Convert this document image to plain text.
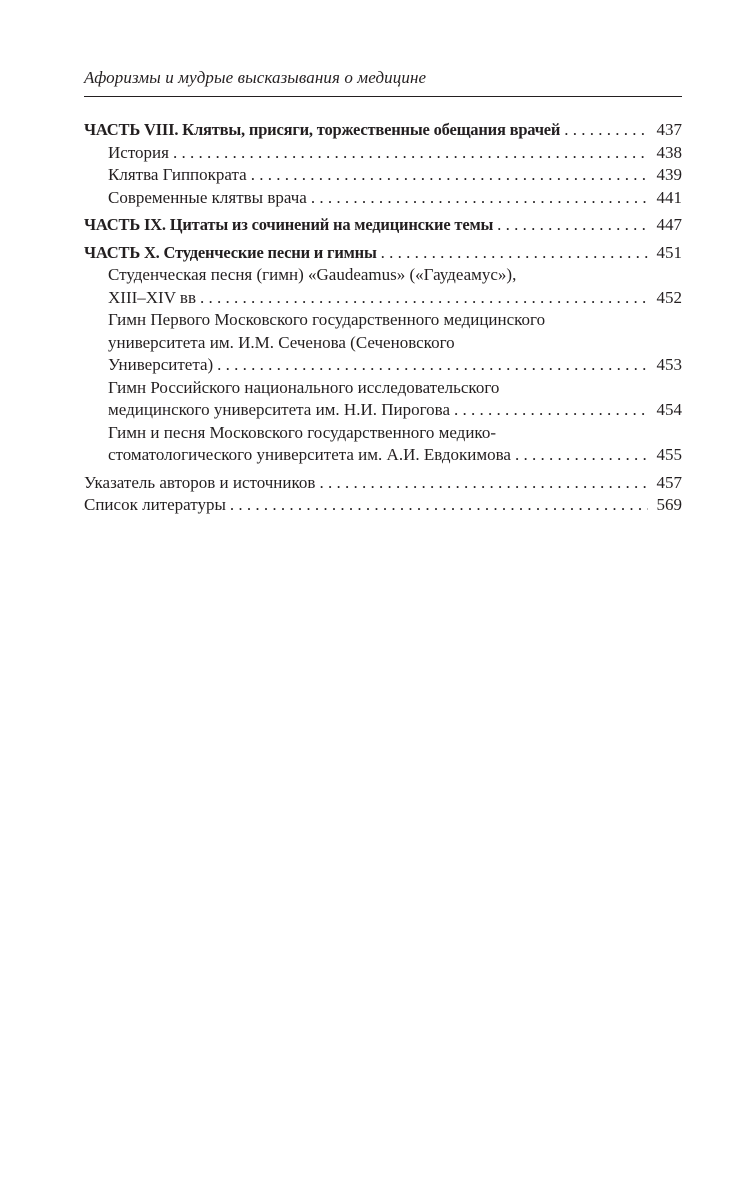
Афоризмы и мудрые высказывания о медицине
ЧАСТЬ VIII. Клятвы, присяги, торжественные обещания врачей . . .	437
История . . .	438
Клятва Гиппократа . . .	439
Современные клятвы врача . . .	441
ЧАСТЬ IX. Цитаты из сочинений на медицинские темы . . .	447
ЧАСТЬ X. Студенческие песни и гимны . . .	451
Студенческая песня (гимн) «Gaudeamus» («Гаудеамус»),
XIII–XIV вв . . .	452
Гимн Первого Московского государственного медицинского
университета им. И.М. Сеченова (Сеченовского
Университета) . . .	453
Гимн Российского национального исследовательского
медицинского университета им. Н.И. Пирогова . . .	454
Гимн и песня Московского государственного медико-
стоматологического университета им. А.И. Евдокимова . . .	455
Указатель авторов и источников . . .	457
Список литературы . . .	569
